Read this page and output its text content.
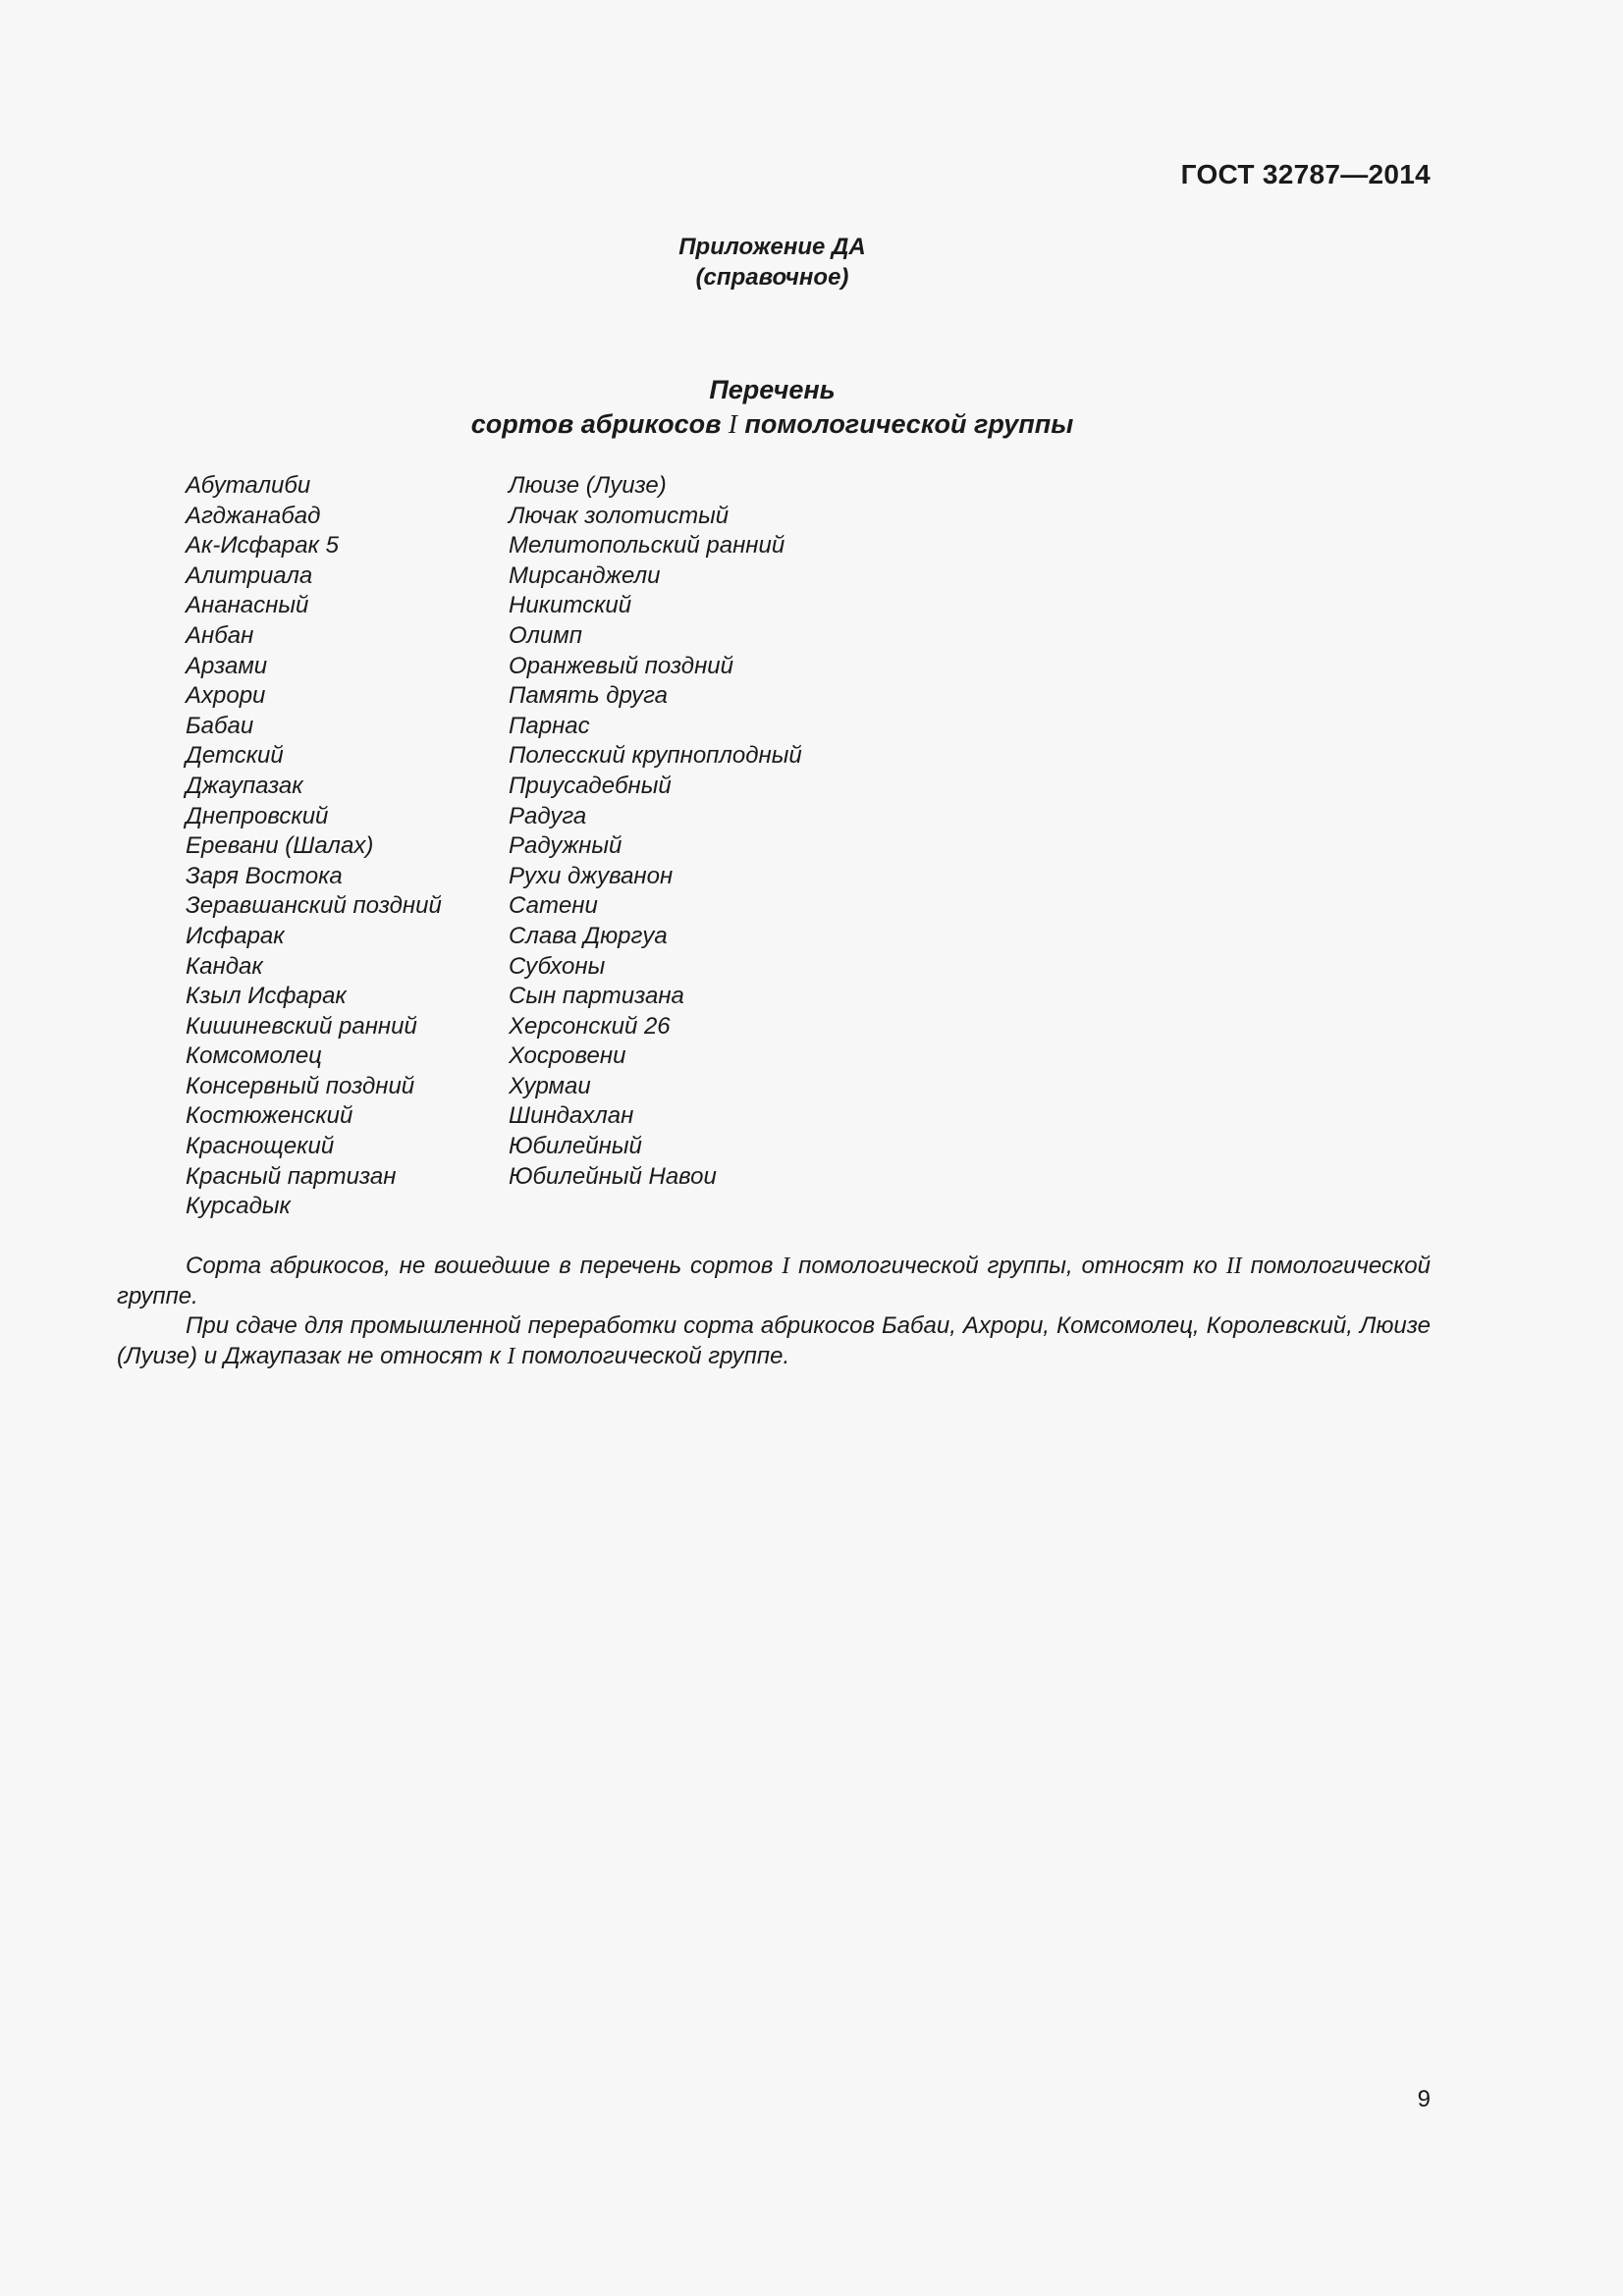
ГОСТ 32787—2014
Приложение ДА
(справочное)
Перечень
сортов абрикосов I помологической группы
Абуталиби
Агджанабад
Ак-Исфарак 5
Алитриала
Ананасный
Анбан
Арзами
Ахрори
Бабаи
Детский
Джаупазак
Днепровский
Еревани (Шалах)
Заря Востока
Зеравшанский поздний
Исфарак
Кандак
Кзыл Исфарак
Кишиневский ранний
Комсомолец
Консервный поздний
Костюженский
Краснощекий
Красный партизан
Курсадык
Люизе (Луизе)
Лючак золотистый
Мелитопольский ранний
Мирсанджели
Никитский
Олимп
Оранжевый поздний
Память друга
Парнас
Полесский крупноплодный
Приусадебный
Радуга
Радужный
Рухи джуванон
Сатени
Слава Дюргуа
Субхоны
Сын партизана
Херсонский 26
Хосровени
Хурмаи
Шиндахлан
Юбилейный
Юбилейный Навои

Сорта абрикосов, не вошедшие в перечень сортов I помологической группы, относят ко II помологической группе.

При сдаче для промышленной переработки сорта абрикосов Бабаи, Ахрори, Комсомолец, Королевский, Люизе (Луизе) и Джаупазак не относят к I помологической группе.

9
